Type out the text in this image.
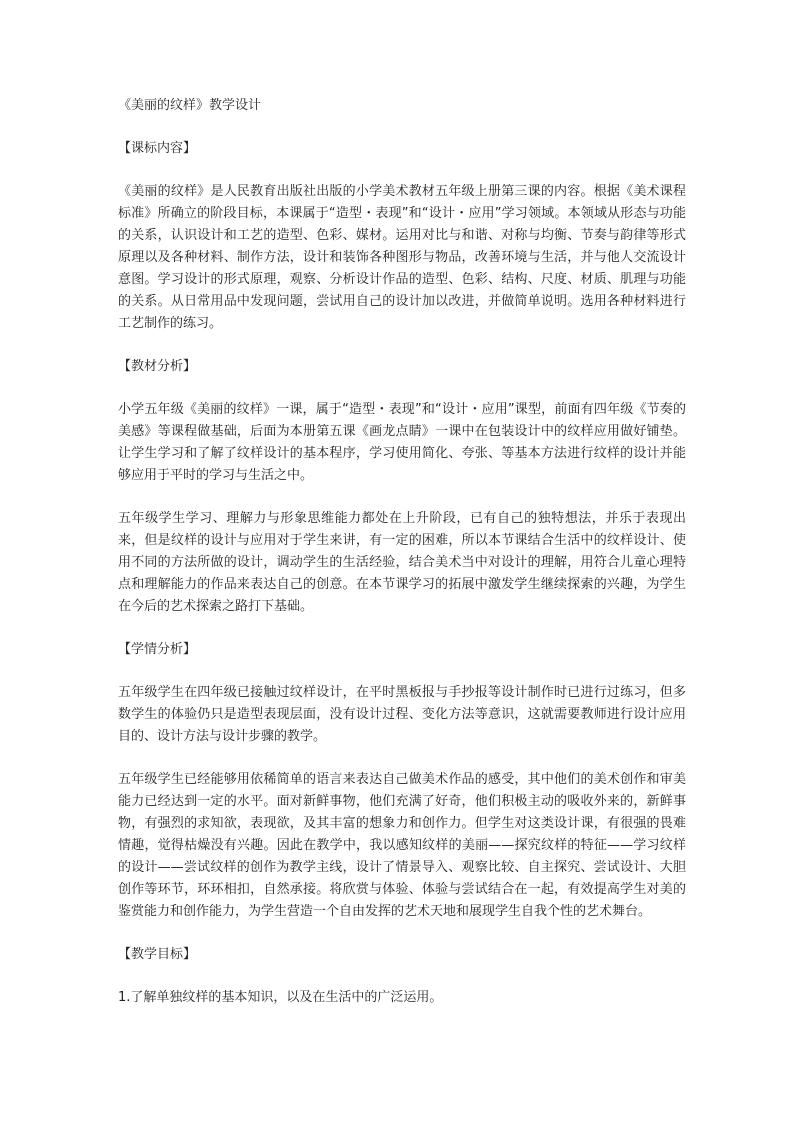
《美丽的纹样》教学设计

【课标内容】

《美丽的纹样》是人民教育出版社出版的小学美术教材五年级上册第三课的内容。根据《美术课程标准》所确立的阶段目标，本课属于“造型・表现”和“设计・应用”学习领域。本领域从形态与功能的关系，认识设计和工艺的造型、色彩、媒材。运用对比与和谐、对称与均衡、节奏与韵律等形式原理以及各种材料、制作方法，设计和装饰各种图形与物品，改善环境与生活，并与他人交流设计意图。学习设计的形式原理，观察、分析设计作品的造型、色彩、结构、尺度、材质、肌理与功能的关系。从日常用品中发现问题，尝试用自己的设计加以改进，并做简单说明。选用各种材料进行工艺制作的练习。

【教材分析】

小学五年级《美丽的纹样》一课，属于“造型・表现”和“设计・应用”课型，前面有四年级《节奏的美感》等课程做基础，后面为本册第五课《画龙点睛》一课中在包装设计中的纹样应用做好铺垫。让学生学习和了解了纹样设计的基本程序，学习使用简化、夸张、等基本方法进行纹样的设计并能够应用于平时的学习与生活之中。

五年级学生学习、理解力与形象思维能力都处在上升阶段，已有自己的独特想法，并乐于表现出来，但是纹样的设计与应用对于学生来讲，有一定的困难，所以本节课结合生活中的纹样设计、使用不同的方法所做的设计，调动学生的生活经验，结合美术当中对设计的理解，用符合儿童心理特点和理解能力的作品来表达自己的创意。在本节课学习的拓展中激发学生继续探索的兴趣，为学生在今后的艺术探索之路打下基础。

【学情分析】

五年级学生在四年级已接触过纹样设计，在平时黑板报与手抄报等设计制作时已进行过练习，但多数学生的体验仍只是造型表现层面，没有设计过程、变化方法等意识，这就需要教师进行设计应用目的、设计方法与设计步骤的教学。

五年级学生已经能够用依稀简单的语言来表达自己做美术作品的感受，其中他们的美术创作和审美能力已经达到一定的水平。面对新鲜事物，他们充满了好奇，他们积极主动的吸收外来的，新鲜事物，有强烈的求知欲，表现欲，及其丰富的想象力和创作力。但学生对这类设计课，有很强的畏难情趣，觉得枯燥没有兴趣。因此在教学中，我以感知纹样的美丽——探究纹样的特征——学习纹样的设计——尝试纹样的创作为教学主线，设计了情景导入、观察比较、自主探究、尝试设计、大胆创作等环节，环环相扣，自然承接。将欣赏与体验、体验与尝试结合在一起，有效提高学生对美的鉴赏能力和创作能力，为学生营造一个自由发挥的艺术天地和展现学生自我个性的艺术舞台。

【教学目标】

1.了解单独纹样的基本知识，以及在生活中的广泛运用。
